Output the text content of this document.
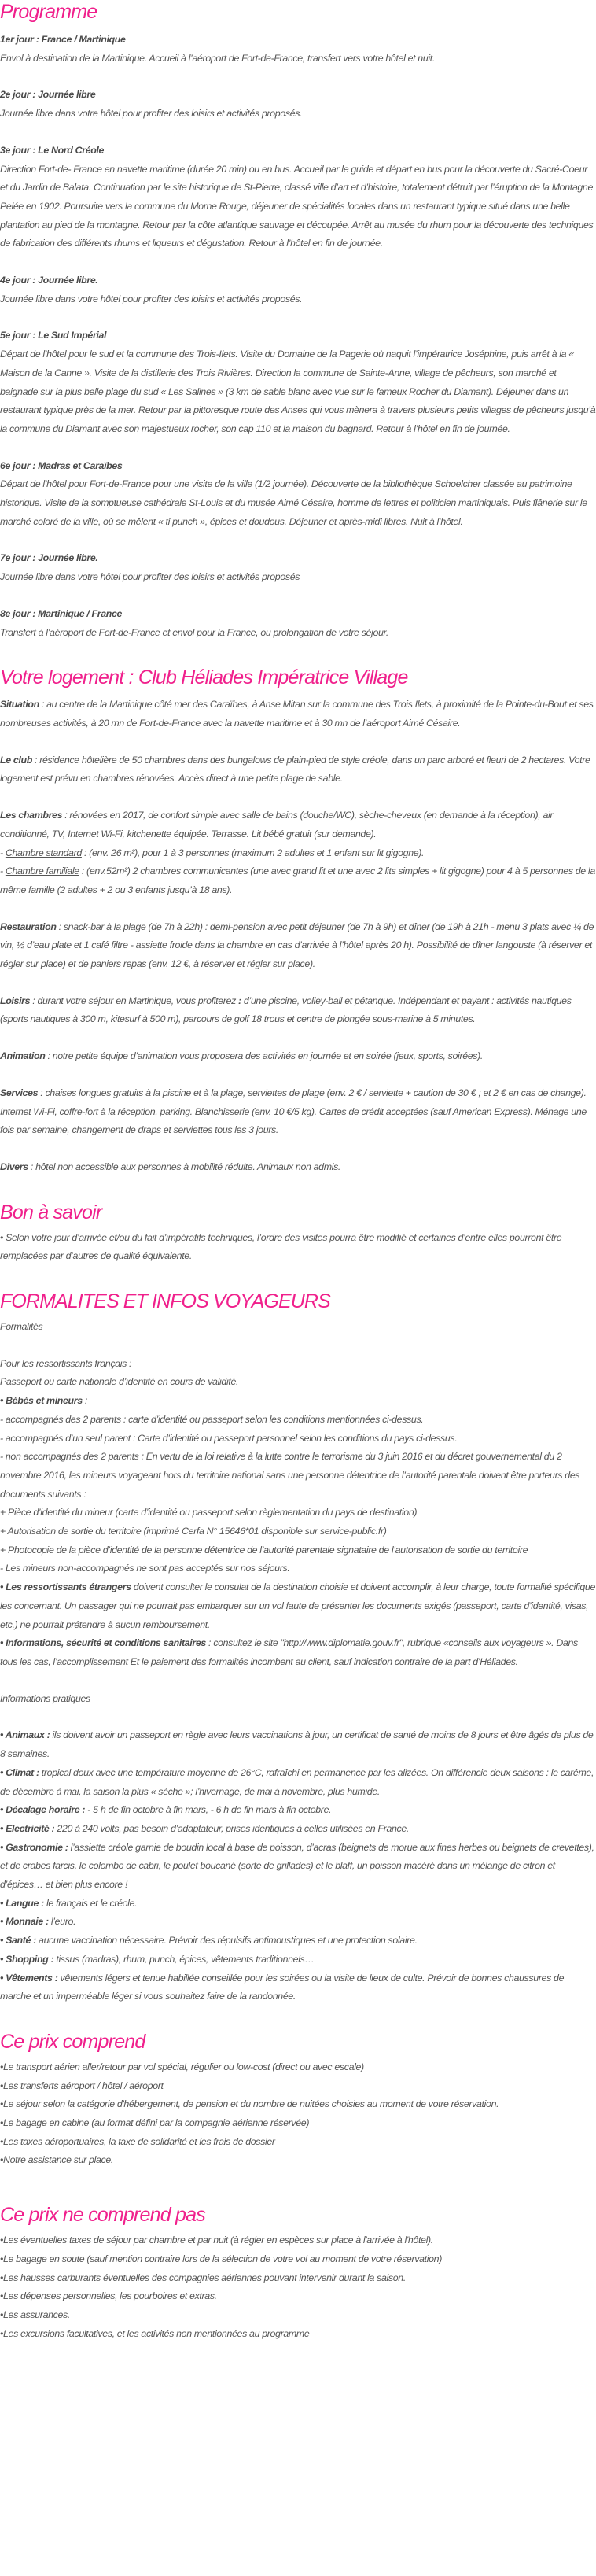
Programme

1er jour : France / Martinique

Envol à destination de la Martinique. Accueil à l’aéroport de Fort-de-France, transfert vers votre hôtel et nuit.

2e jour : Journée libre

Journée libre dans votre hôtel pour profiter des loisirs et activités proposés.

3e jour : Le Nord Créole

Direction Fort-de- France en navette maritime (durée 20 min) ou en bus. Accueil par le guide et départ en bus pour la découverte du Sacré-Coeur et du Jardin de Balata. Continuation par le site historique de St-Pierre, classé ville d’art et d’histoire, totalement détruit par l’éruption de la Montagne Pelée en 1902. Poursuite vers la commune du Morne Rouge, déjeuner de spécialités locales dans un restaurant typique situé dans une belle plantation au pied de la montagne. Retour par la côte atlantique sauvage et découpée. Arrêt au musée du rhum pour la découverte des techniques de fabrication des différents rhums et liqueurs et dégustation. Retour à l’hôtel en fin de journée.

4e jour : Journée libre.

Journée libre dans votre hôtel pour profiter des loisirs et activités proposés.

5e jour : Le Sud Impérial

Départ de l’hôtel pour le sud et la commune des Trois-Ilets. Visite du Domaine de la Pagerie où naquit l’impératrice Joséphine, puis arrêt à la « Maison de la Canne ». Visite de la distillerie des Trois Rivières. Direction la commune de Sainte-Anne, village de pêcheurs, son marché et baignade sur la plus belle plage du sud « Les Salines » (3 km de sable blanc avec vue sur le fameux Rocher du Diamant). Déjeuner dans un restaurant typique près de la mer. Retour par la pittoresque route des Anses qui vous mènera à travers plusieurs petits villages de pêcheurs jusqu’à la commune du Diamant avec son majestueux rocher, son cap 110 et la maison du bagnard. Retour à l’hôtel en fin de journée.

6e jour : Madras et Caraïbes

Départ de l’hôtel pour Fort-de-France pour une visite de la ville (1/2 journée). Découverte de la bibliothèque Schoelcher classée au patrimoine historique. Visite de la somptueuse cathédrale St-Louis et du musée Aimé Césaire, homme de lettres et politicien martiniquais. Puis flânerie sur le marché coloré de la ville, où se mêlent « ti punch », épices et doudous. Déjeuner et après-midi libres. Nuit à l’hôtel.

7e jour : Journée libre.

Journée libre dans votre hôtel pour profiter des loisirs et activités proposés

8e jour : Martinique / France

Transfert à l’aéroport de Fort-de-France et envol pour la France, ou prolongation de votre séjour.

Votre logement : Club Héliades Impératrice Village

Situation : au centre de la Martinique côté mer des Caraïbes, à Anse Mitan sur la commune des Trois Ilets, à proximité de la Pointe-du-Bout et ses nombreuses activités, à 20 mn de Fort-de-France avec la navette maritime et à 30 mn de l’aéroport Aimé Césaire.

Le club : résidence hôtelière de 50 chambres dans des bungalows de plain-pied de style créole, dans un parc arboré et fleuri de 2 hectares. Votre logement est prévu en chambres rénovées. Accès direct à une petite plage de sable.

Les chambres : rénovées en 2017, de confort simple avec salle de bains (douche/WC), sèche-cheveux (en demande à la réception), air conditionné, TV, Internet Wi-Fi, kitchenette équipée. Terrasse. Lit bébé gratuit (sur demande).

- Chambre standard : (env. 26 m²), pour 1 à 3 personnes (maximum 2 adultes et 1 enfant sur lit gigogne).

- Chambre familiale : (env.52m²) 2 chambres communicantes (une avec grand lit et une avec 2 lits simples + lit gigogne) pour 4 à 5 personnes de la même famille (2 adultes + 2 ou 3 enfants jusqu’à 18 ans).

Restauration : snack-bar à la plage (de 7h à 22h) : demi-pension avec petit déjeuner (de 7h à 9h) et dîner (de 19h à 21h - menu 3 plats avec ¼ de vin, ½ d’eau plate et 1 café filtre - assiette froide dans la chambre en cas d’arrivée à l’hôtel après 20 h). Possibilité de dîner langouste (à réserver et régler sur place) et de paniers repas (env. 12 €, à réserver et régler sur place).

Loisirs : durant votre séjour en Martinique, vous profiterez : d’une piscine, volley-ball et pétanque. Indépendant et payant : activités nautiques (sports nautiques à 300 m, kitesurf à 500 m), parcours de golf 18 trous et centre de plongée sous-marine à 5 minutes.

Animation : notre petite équipe d’animation vous proposera des activités en journée et en soirée (jeux, sports, soirées).

Services : chaises longues gratuits à la piscine et à la plage, serviettes de plage (env. 2 € / serviette + caution de 30 € ; et 2 € en cas de change). Internet Wi-Fi, coffre-fort à la réception, parking. Blanchisserie (env. 10 €/5 kg). Cartes de crédit acceptées (sauf American Express). Ménage une fois par semaine, changement de draps et serviettes tous les 3 jours.

Divers : hôtel non accessible aux personnes à mobilité réduite. Animaux non admis.

Bon à savoir

• Selon votre jour d’arrivée et/ou du fait d’impératifs techniques, l’ordre des visites pourra être modifié et certaines d’entre elles pourront être remplacées par d’autres de qualité équivalente.

FORMALITES ET INFOS VOYAGEURS

Formalités

Pour les ressortissants français :

Passeport ou carte nationale d’identité en cours de validité.

• Bébés et mineurs :

- accompagnés des 2 parents : carte d’identité ou passeport selon les conditions mentionnées ci-dessus.

- accompagnés d’un seul parent : Carte d’identité ou passeport personnel selon les conditions du pays ci-dessus.

- non accompagnés des 2 parents : En vertu de la loi relative à la lutte contre le terrorisme du 3 juin 2016 et du décret gouvernemental du 2 novembre 2016, les mineurs voyageant hors du territoire national sans une personne détentrice de l’autorité parentale doivent être porteurs des documents suivants :

+ Pièce d’identité du mineur (carte d’identité ou passeport selon règlementation du pays de destination)

+ Autorisation de sortie du territoire (imprimé Cerfa N° 15646*01 disponible sur service-public.fr)

+ Photocopie de la pièce d’identité de la personne détentrice de l’autorité parentale signataire de l’autorisation de sortie du territoire

- Les mineurs non-accompagnés ne sont pas acceptés sur nos séjours.

• Les ressortissants étrangers doivent consulter le consulat de la destination choisie et doivent accomplir, à leur charge, toute formalité spécifique les concernant. Un passager qui ne pourrait pas embarquer sur un vol faute de présenter les documents exigés (passeport, carte d’identité, visas, etc.) ne pourrait prétendre à aucun remboursement.

• Informations, sécurité et conditions sanitaires : consultez le site "http://www.diplomatie.gouv.fr", rubrique «conseils aux voyageurs ». Dans tous les cas, l’accomplissement Et le paiement des formalités incombent au client, sauf indication contraire de la part d’Héliades.

Informations pratiques

• Animaux : ils doivent avoir un passeport en règle avec leurs vaccinations à jour, un certificat de santé de moins de 8 jours et être âgés de plus de 8 semaines.

• Climat : tropical doux avec une température moyenne de 26°C, rafraîchi en permanence par les alizées. On différencie deux saisons : le carême, de décembre à mai, la saison la plus « sèche »; l’hivernage, de mai à novembre, plus humide.

• Décalage horaire : - 5 h de fin octobre à fin mars, - 6 h de fin mars à fin octobre.

• Electricité : 220 à 240 volts, pas besoin d’adaptateur, prises identiques à celles utilisées en France.

• Gastronomie : l’assiette créole garnie de boudin local à base de poisson, d’acras (beignets de morue aux fines herbes ou beignets de crevettes), et de crabes farcis, le colombo de cabri, le poulet boucané (sorte de grillades) et le blaff, un poisson macéré dans un mélange de citron et d’épices… et bien plus encore !

• Langue : le français et le créole.

• Monnaie : l’euro.

• Santé : aucune vaccination nécessaire. Prévoir des répulsifs antimoustiques et une protection solaire.

• Shopping : tissus (madras), rhum, punch, épices, vêtements traditionnels…

• Vêtements : vêtements légers et tenue habillée conseillée pour les soirées ou la visite de lieux de culte. Prévoir de bonnes chaussures de marche et un imperméable léger si vous souhaitez faire de la randonnée.

Ce prix comprend

• Le transport aérien aller/retour par vol spécial, régulier ou low-cost (direct ou avec escale)

• Les transferts aéroport / hôtel / aéroport

• Le séjour selon la catégorie d'hébergement, de pension et du nombre de nuitées choisies au moment de votre réservation.

• Le bagage en cabine (au format défini par la compagnie aérienne réservée)

• Les taxes aéroportuaires, la taxe de solidarité et les frais de dossier

• Notre assistance sur place.

Ce prix ne comprend pas

• Les éventuelles taxes de séjour par chambre et par nuit (à régler en espèces sur place à l'arrivée à l'hôtel).

• Le bagage en soute (sauf mention contraire lors de la sélection de votre vol au moment de votre réservation)

• Les hausses carburants éventuelles des compagnies aériennes pouvant intervenir durant la saison.

• Les dépenses personnelles, les pourboires et extras.

• Les assurances.

• Les excursions facultatives, et les activités non mentionnées au programme
